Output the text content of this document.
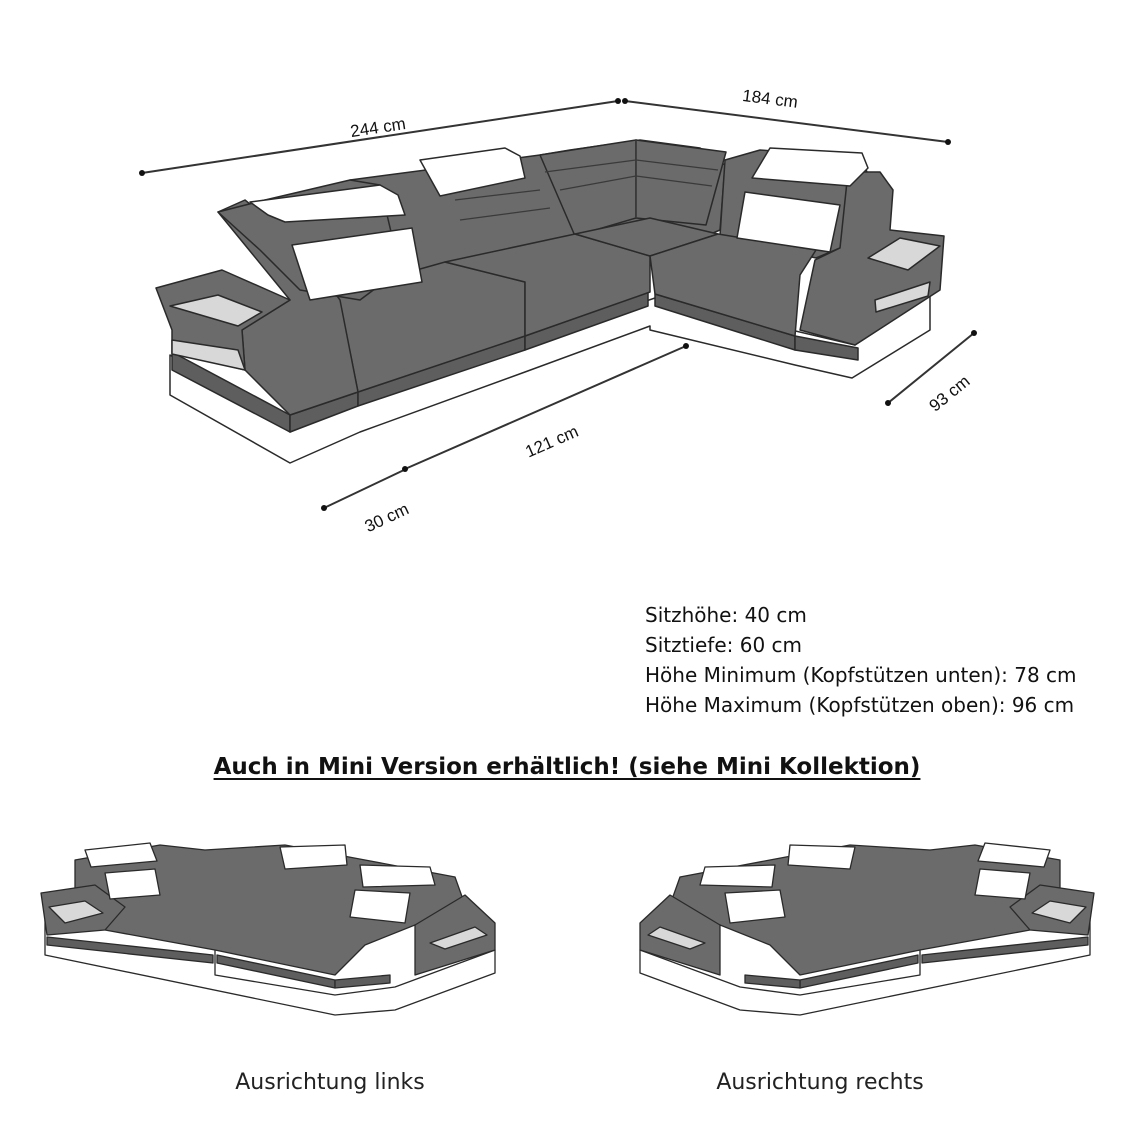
244 cm
184 cm
93 cm
121 cm
30 cm
Sitzhöhe: 40 cm
Sitztiefe: 60 cm
Höhe Minimum (Kopfstützen unten): 78 cm
Höhe Maximum (Kopfstützen oben): 96 cm
Auch in Mini Version erhältlich! (siehe Mini Kollektion)
Ausrichtung links	Ausrichtung rechts
